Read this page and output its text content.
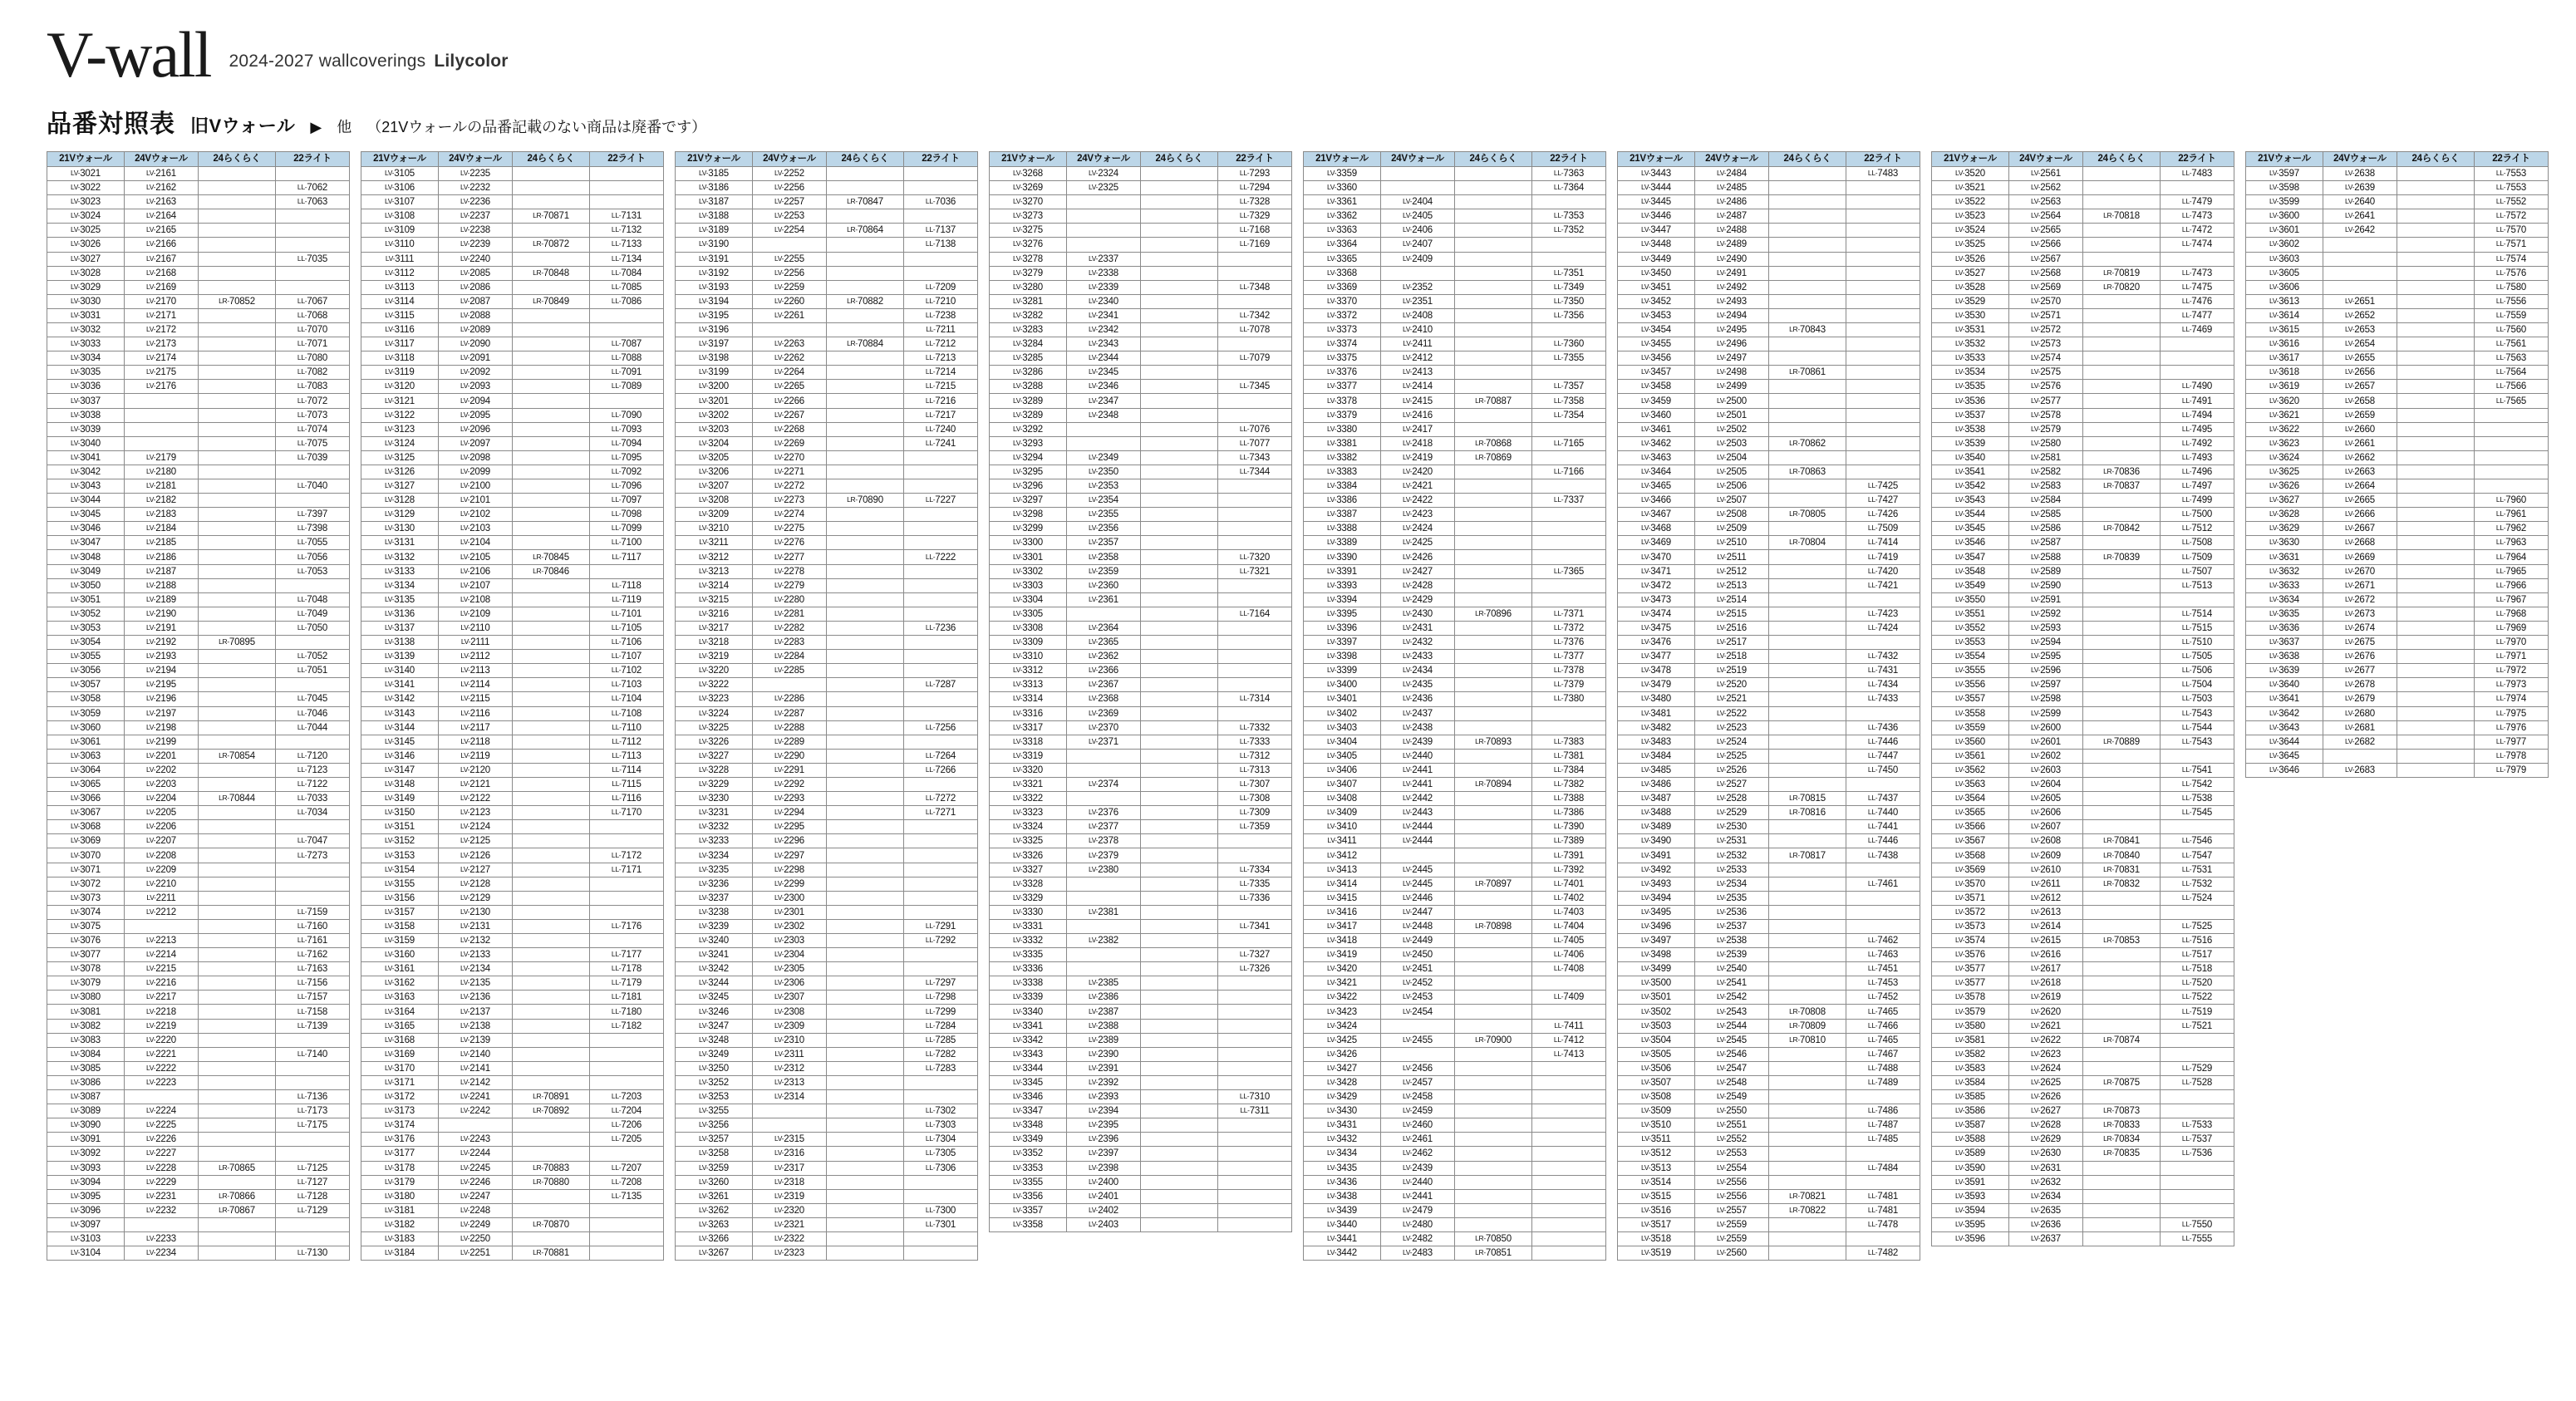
V-wall 2024-2027 wallcoverings Lilycolor
品番対照表 旧Vウォール ▶ 他 （21Vウォールの品番記載のない商品は廃番です）
21Vウォール	24Vウォール	24らくらく	22ライト
LV-3021	LV-2161		
LV-3022	LV-2162		LL-7062
LV-3023	LV-2163		LL-7063
LV-3024	LV-2164		
LV-3025	LV-2165		
LV-3026	LV-2166		
LV-3027	LV-2167		LL-7035
LV-3028	LV-2168		
LV-3029	LV-2169		
LV-3030	LV-2170	LR-70852	LL-7067
LV-3031	LV-2171		LL-7068
LV-3032	LV-2172		LL-7070
LV-3033	LV-2173		LL-7071
LV-3034	LV-2174		LL-7080
LV-3035	LV-2175		LL-7082
LV-3036	LV-2176		LL-7083
LV-3037			LL-7072
LV-3038			LL-7073
LV-3039			LL-7074
LV-3040			LL-7075
LV-3041	LV-2179		LL-7039
LV-3042	LV-2180		
LV-3043	LV-2181		LL-7040
LV-3044	LV-2182		
LV-3045	LV-2183		LL-7397
LV-3046	LV-2184		LL-7398
LV-3047	LV-2185		LL-7055
LV-3048	LV-2186		LL-7056
LV-3049	LV-2187		LL-7053
LV-3050	LV-2188		
LV-3051	LV-2189		LL-7048
LV-3052	LV-2190		LL-7049
LV-3053	LV-2191		LL-7050
LV-3054	LV-2192	LR-70895	
LV-3055	LV-2193		LL-7052
LV-3056	LV-2194		LL-7051
LV-3057	LV-2195		
LV-3058	LV-2196		LL-7045
LV-3059	LV-2197		LL-7046
LV-3060	LV-2198		LL-7044
LV-3061	LV-2199		
LV-3063	LV-2201	LR-70854	LL-7120
LV-3064	LV-2202		LL-7123
LV-3065	LV-2203		LL-7122
LV-3066	LV-2204	LR-70844	LL-7033
LV-3067	LV-2205		LL-7034
LV-3068	LV-2206		
LV-3069	LV-2207		LL-7047
LV-3070	LV-2208		LL-7273
LV-3071	LV-2209		
LV-3072	LV-2210		
LV-3073	LV-2211		
LV-3074	LV-2212		LL-7159
LV-3075			LL-7160
LV-3076	LV-2213		LL-7161
LV-3077	LV-2214		LL-7162
LV-3078	LV-2215		LL-7163
LV-3079	LV-2216		LL-7156
LV-3080	LV-2217		LL-7157
LV-3081	LV-2218		LL-7158
LV-3082	LV-2219		LL-7139
LV-3083	LV-2220		
LV-3084	LV-2221		LL-7140
LV-3085	LV-2222		
LV-3086	LV-2223		
LV-3087			LL-7136
LV-3089	LV-2224		LL-7173
LV-3090	LV-2225		LL-7175
LV-3091	LV-2226		
LV-3092	LV-2227		
LV-3093	LV-2228	LR-70865	LL-7125
LV-3094	LV-2229		LL-7127
LV-3095	LV-2231	LR-70866	LL-7128
LV-3096	LV-2232	LR-70867	LL-7129
LV-3097			
LV-3103	LV-2233		
LV-3104	LV-2234		LL-7130
21Vウォール	24Vウォール	24らくらく	22ライト
LV-3105	LV-2235		
LV-3106	LV-2232		
LV-3107	LV-2236		
LV-3108	LV-2237	LR-70871	LL-7131
LV-3109	LV-2238		LL-7132
LV-3110	LV-2239	LR-70872	LL-7133
LV-3111	LV-2240		LL-7134
LV-3112	LV-2085	LR-70848	LL-7084
LV-3113	LV-2086		LL-7085
LV-3114	LV-2087	LR-70849	LL-7086
LV-3115	LV-2088		
LV-3116	LV-2089		
LV-3117	LV-2090		LL-7087
LV-3118	LV-2091		LL-7088
LV-3119	LV-2092		LL-7091
LV-3120	LV-2093		LL-7089
LV-3121	LV-2094		
LV-3122	LV-2095		LL-7090
LV-3123	LV-2096		LL-7093
LV-3124	LV-2097		LL-7094
LV-3125	LV-2098		LL-7095
LV-3126	LV-2099		LL-7092
LV-3127	LV-2100		LL-7096
LV-3128	LV-2101		LL-7097
LV-3129	LV-2102		LL-7098
LV-3130	LV-2103		LL-7099
LV-3131	LV-2104		LL-7100
LV-3132	LV-2105	LR-70845	LL-7117
LV-3133	LV-2106	LR-70846	
LV-3134	LV-2107		LL-7118
LV-3135	LV-2108		LL-7119
LV-3136	LV-2109		LL-7101
LV-3137	LV-2110		LL-7105
LV-3138	LV-2111		LL-7106
LV-3139	LV-2112		LL-7107
LV-3140	LV-2113		LL-7102
LV-3141	LV-2114		LL-7103
LV-3142	LV-2115		LL-7104
LV-3143	LV-2116		LL-7108
LV-3144	LV-2117		LL-7110
LV-3145	LV-2118		LL-7112
LV-3146	LV-2119		LL-7113
LV-3147	LV-2120		LL-7114
LV-3148	LV-2121		LL-7115
LV-3149	LV-2122		LL-7116
LV-3150	LV-2123		LL-7170
LV-3151	LV-2124		
LV-3152	LV-2125		
LV-3153	LV-2126		LL-7172
LV-3154	LV-2127		LL-7171
LV-3155	LV-2128		
LV-3156	LV-2129		
LV-3157	LV-2130		
LV-3158	LV-2131		LL-7176
LV-3159	LV-2132		
LV-3160	LV-2133		LL-7177
LV-3161	LV-2134		LL-7178
LV-3162	LV-2135		LL-7179
LV-3163	LV-2136		LL-7181
LV-3164	LV-2137		LL-7180
LV-3165	LV-2138		LL-7182
LV-3168	LV-2139		
LV-3169	LV-2140		
LV-3170	LV-2141		
LV-3171	LV-2142		
LV-3172	LV-2241	LR-70891	LL-7203
LV-3173	LV-2242	LR-70892	LL-7204
LV-3174			LL-7206
LV-3176	LV-2243		LL-7205
LV-3177	LV-2244		
LV-3178	LV-2245	LR-70883	LL-7207
LV-3179	LV-2246	LR-70880	LL-7208
LV-3180	LV-2247		LL-7135
LV-3181	LV-2248		
LV-3182	LV-2249	LR-70870	
LV-3183	LV-2250		
LV-3184	LV-2251	LR-70881	
21Vウォール	24Vウォール	24らくらく	22ライト
LV-3185	LV-2252		
LV-3186	LV-2256		
LV-3187	LV-2257	LR-70847	LL-7036
LV-3188	LV-2253		
LV-3189	LV-2254	LR-70864	LL-7137
LV-3190			LL-7138
LV-3191	LV-2255		
LV-3192	LV-2256		
LV-3193	LV-2259		LL-7209
LV-3194	LV-2260	LR-70882	LL-7210
LV-3195	LV-2261		LL-7238
LV-3196			LL-7211
LV-3197	LV-2263	LR-70884	LL-7212
LV-3198	LV-2262		LL-7213
LV-3199	LV-2264		LL-7214
LV-3200	LV-2265		LL-7215
LV-3201	LV-2266		LL-7216
LV-3202	LV-2267		LL-7217
LV-3203	LV-2268		LL-7240
LV-3204	LV-2269		LL-7241
LV-3205	LV-2270		
LV-3206	LV-2271		
LV-3207	LV-2272		
LV-3208	LV-2273	LR-70890	LL-7227
LV-3209	LV-2274		
LV-3210	LV-2275		
LV-3211	LV-2276		
LV-3212	LV-2277		LL-7222
LV-3213	LV-2278		
LV-3214	LV-2279		
LV-3215	LV-2280		
LV-3216	LV-2281		
LV-3217	LV-2282		LL-7236
LV-3218	LV-2283		
LV-3219	LV-2284		
LV-3220	LV-2285		
LV-3222			LL-7287
LV-3223	LV-2286		
LV-3224	LV-2287		
LV-3225	LV-2288		LL-7256
LV-3226	LV-2289		
LV-3227	LV-2290		LL-7264
LV-3228	LV-2291		LL-7266
LV-3229	LV-2292		
LV-3230	LV-2293		LL-7272
LV-3231	LV-2294		LL-7271
LV-3232	LV-2295		
LV-3233	LV-2296		
LV-3234	LV-2297		
LV-3235	LV-2298		
LV-3236	LV-2299		
LV-3237	LV-2300		
LV-3238	LV-2301		
LV-3239	LV-2302		LL-7291
LV-3240	LV-2303		LL-7292
LV-3241	LV-2304		
LV-3242	LV-2305		
LV-3244	LV-2306		LL-7297
LV-3245	LV-2307		LL-7298
LV-3246	LV-2308		LL-7299
LV-3247	LV-2309		LL-7284
LV-3248	LV-2310		LL-7285
LV-3249	LV-2311		LL-7282
LV-3250	LV-2312		LL-7283
LV-3252	LV-2313		
LV-3253	LV-2314		
LV-3255			LL-7302
LV-3256			LL-7303
LV-3257	LV-2315		LL-7304
LV-3258	LV-2316		LL-7305
LV-3259	LV-2317		LL-7306
LV-3260	LV-2318		
LV-3261	LV-2319		
LV-3262	LV-2320		LL-7300
LV-3263	LV-2321		LL-7301
LV-3266	LV-2322		
LV-3267	LV-2323		
21Vウォール	24Vウォール	24らくらく	22ライト
LV-3268	LV-2324		LL-7293
LV-3269	LV-2325		LL-7294
LV-3270			LL-7328
LV-3273			LL-7329
LV-3275			LL-7168
LV-3276			LL-7169
LV-3278	LV-2337		
LV-3279	LV-2338		
LV-3280	LV-2339		LL-7348
LV-3281	LV-2340		
LV-3282	LV-2341		LL-7342
LV-3283	LV-2342		LL-7078
LV-3284	LV-2343		
LV-3285	LV-2344		LL-7079
LV-3286	LV-2345		
LV-3288	LV-2346		LL-7345
LV-3289	LV-2347		
LV-3289	LV-2348		
LV-3292			LL-7076
LV-3293			LL-7077
LV-3294	LV-2349		LL-7343
LV-3295	LV-2350		LL-7344
LV-3296	LV-2353		
LV-3297	LV-2354		
LV-3298	LV-2355		
LV-3299	LV-2356		
LV-3300	LV-2357		
LV-3301	LV-2358		LL-7320
LV-3302	LV-2359		LL-7321
LV-3303	LV-2360		
LV-3304	LV-2361		
LV-3305			LL-7164
LV-3308	LV-2364		
LV-3309	LV-2365		
LV-3310	LV-2362		
LV-3312	LV-2366		
LV-3313	LV-2367		
LV-3314	LV-2368		LL-7314
LV-3316	LV-2369		
LV-3317	LV-2370		LL-7332
LV-3318	LV-2371		LL-7333
LV-3319			LL-7312
LV-3320			LL-7313
LV-3321	LV-2374		LL-7307
LV-3322			LL-7308
LV-3323	LV-2376		LL-7309
LV-3324	LV-2377		LL-7359
LV-3325	LV-2378		
LV-3326	LV-2379		
LV-3327	LV-2380		LL-7334
LV-3328			LL-7335
LV-3329			LL-7336
LV-3330	LV-2381		
LV-3331			LL-7341
LV-3332	LV-2382		
LV-3335			LL-7327
LV-3336			LL-7326
LV-3338	LV-2385		
LV-3339	LV-2386		
LV-3340	LV-2387		
LV-3341	LV-2388		
LV-3342	LV-2389		
LV-3343	LV-2390		
LV-3344	LV-2391		
LV-3345	LV-2392		
LV-3346	LV-2393		LL-7310
LV-3347	LV-2394		LL-7311
LV-3348	LV-2395		
LV-3349	LV-2396		
LV-3352	LV-2397		
LV-3353	LV-2398		
LV-3355	LV-2400		
LV-3356	LV-2401		
LV-3357	LV-2402		
LV-3358	LV-2403		
21Vウォール	24Vウォール	24らくらく	22ライト
LV-3359			LL-7363
LV-3360			LL-7364
LV-3361	LV-2404		
LV-3362	LV-2405		LL-7353
LV-3363	LV-2406		LL-7352
LV-3364	LV-2407		
LV-3365	LV-2409		
LV-3368			LL-7351
LV-3369	LV-2352		LL-7349
LV-3370	LV-2351		LL-7350
LV-3372	LV-2408		LL-7356
LV-3373	LV-2410		
LV-3374	LV-2411		LL-7360
LV-3375	LV-2412		LL-7355
LV-3376	LV-2413		
LV-3377	LV-2414		LL-7357
LV-3378	LV-2415	LR-70887	LL-7358
LV-3379	LV-2416		LL-7354
LV-3380	LV-2417		
LV-3381	LV-2418	LR-70868	LL-7165
LV-3382	LV-2419	LR-70869	
LV-3383	LV-2420		LL-7166
LV-3384	LV-2421		
LV-3386	LV-2422		LL-7337
LV-3387	LV-2423		
LV-3388	LV-2424		
LV-3389	LV-2425		
LV-3390	LV-2426		
LV-3391	LV-2427		LL-7365
LV-3393	LV-2428		
LV-3394	LV-2429		
LV-3395	LV-2430	LR-70896	LL-7371
LV-3396	LV-2431		LL-7372
LV-3397	LV-2432		LL-7376
LV-3398	LV-2433		LL-7377
LV-3399	LV-2434		LL-7378
LV-3400	LV-2435		LL-7379
LV-3401	LV-2436		LL-7380
LV-3402	LV-2437		
LV-3403	LV-2438		
LV-3404	LV-2439	LR-70893	LL-7383
LV-3405	LV-2440		LL-7381
LV-3406	LV-2441		LL-7384
LV-3407	LV-2441	LR-70894	LL-7382
LV-3408	LV-2442		LL-7388
LV-3409	LV-2443		LL-7386
LV-3410	LV-2444		LL-7390
LV-3411	LV-2444		LL-7389
LV-3412			LL-7391
LV-3413	LV-2445		LL-7392
LV-3414	LV-2445	LR-70897	LL-7401
LV-3415	LV-2446		LL-7402
LV-3416	LV-2447		LL-7403
LV-3417	LV-2448	LR-70898	LL-7404
LV-3418	LV-2449		LL-7405
LV-3419	LV-2450		LL-7406
LV-3420	LV-2451		LL-7408
LV-3421	LV-2452		
LV-3422	LV-2453		LL-7409
LV-3423	LV-2454		
LV-3424			LL-7411
LV-3425	LV-2455	LR-70900	LL-7412
LV-3426			LL-7413
LV-3427	LV-2456		
LV-3428	LV-2457		
LV-3429	LV-2458		
LV-3430	LV-2459		
LV-3431	LV-2460		
LV-3432	LV-2461		
LV-3434	LV-2462		
LV-3435	LV-2439		
LV-3436	LV-2440		
LV-3438	LV-2441		
LV-3439	LV-2479		
LV-3440	LV-2480		
LV-3441	LV-2482	LR-70850	
LV-3442	LV-2483	LR-70851	
21Vウォール	24Vウォール	24らくらく	22ライト
LV-3443	LV-2484		LL-7483
LV-3444	LV-2485		
LV-3445	LV-2486		
LV-3446	LV-2487		
LV-3447	LV-2488		
LV-3448	LV-2489		
LV-3449	LV-2490		
LV-3450	LV-2491		
LV-3451	LV-2492		
LV-3452	LV-2493		
LV-3453	LV-2494		
LV-3454	LV-2495	LR-70843	
LV-3455	LV-2496		
LV-3456	LV-2497		
LV-3457	LV-2498	LR-70861	
LV-3458	LV-2499		
LV-3459	LV-2500		
LV-3460	LV-2501		
LV-3461	LV-2502		
LV-3462	LV-2503	LR-70862	
LV-3463	LV-2504		
LV-3464	LV-2505	LR-70863	
LV-3465	LV-2506		LL-7425
LV-3466	LV-2507		LL-7427
LV-3467	LV-2508	LR-70805	LL-7426
LV-3468	LV-2509		LL-7509
LV-3469	LV-2510	LR-70804	LL-7414
LV-3470	LV-2511		LL-7419
LV-3471	LV-2512		LL-7420
LV-3472	LV-2513		LL-7421
LV-3473	LV-2514		
LV-3474	LV-2515		LL-7423
LV-3475	LV-2516		LL-7424
LV-3476	LV-2517		
LV-3477	LV-2518		LL-7432
LV-3478	LV-2519		LL-7431
LV-3479	LV-2520		LL-7434
LV-3480	LV-2521		LL-7433
LV-3481	LV-2522		
LV-3482	LV-2523		LL-7436
LV-3483	LV-2524		LL-7446
LV-3484	LV-2525		LL-7447
LV-3485	LV-2526		LL-7450
LV-3486	LV-2527		
LV-3487	LV-2528	LR-70815	LL-7437
LV-3488	LV-2529	LR-70816	LL-7440
LV-3489	LV-2530		LL-7441
LV-3490	LV-2531		LL-7446
LV-3491	LV-2532	LR-70817	LL-7438
LV-3492	LV-2533		
LV-3493	LV-2534		LL-7461
LV-3494	LV-2535		
LV-3495	LV-2536		
LV-3496	LV-2537		
LV-3497	LV-2538		LL-7462
LV-3498	LV-2539		LL-7463
LV-3499	LV-2540		LL-7451
LV-3500	LV-2541		LL-7453
LV-3501	LV-2542		LL-7452
LV-3502	LV-2543	LR-70808	LL-7465
LV-3503	LV-2544	LR-70809	LL-7466
LV-3504	LV-2545	LR-70810	LL-7465
LV-3505	LV-2546		LL-7467
LV-3506	LV-2547		LL-7488
LV-3507	LV-2548		LL-7489
LV-3508	LV-2549		
LV-3509	LV-2550		LL-7486
LV-3510	LV-2551		LL-7487
LV-3511	LV-2552		LL-7485
LV-3512	LV-2553		
LV-3513	LV-2554		LL-7484
LV-3514	LV-2556		
LV-3515	LV-2556	LR-70821	LL-7481
LV-3516	LV-2557	LR-70822	LL-7481
LV-3517	LV-2559		LL-7478
LV-3518	LV-2559		
LV-3519	LV-2560		LL-7482
21Vウォール	24Vウォール	24らくらく	22ライト
LV-3520	LV-2561		LL-7483
LV-3521	LV-2562		
LV-3522	LV-2563		LL-7479
LV-3523	LV-2564	LR-70818	LL-7473
LV-3524	LV-2565		LL-7472
LV-3525	LV-2566		LL-7474
LV-3526	LV-2567		
LV-3527	LV-2568	LR-70819	LL-7473
LV-3528	LV-2569	LR-70820	LL-7475
LV-3529	LV-2570		LL-7476
LV-3530	LV-2571		LL-7477
LV-3531	LV-2572		LL-7469
LV-3532	LV-2573		
LV-3533	LV-2574		
LV-3534	LV-2575		
LV-3535	LV-2576		LL-7490
LV-3536	LV-2577		LL-7491
LV-3537	LV-2578		LL-7494
LV-3538	LV-2579		LL-7495
LV-3539	LV-2580		LL-7492
LV-3540	LV-2581		LL-7493
LV-3541	LV-2582	LR-70836	LL-7496
LV-3542	LV-2583	LR-70837	LL-7497
LV-3543	LV-2584		LL-7499
LV-3544	LV-2585		LL-7500
LV-3545	LV-2586	LR-70842	LL-7512
LV-3546	LV-2587		LL-7508
LV-3547	LV-2588	LR-70839	LL-7509
LV-3548	LV-2589		LL-7507
LV-3549	LV-2590		LL-7513
LV-3550	LV-2591		
LV-3551	LV-2592		LL-7514
LV-3552	LV-2593		LL-7515
LV-3553	LV-2594		LL-7510
LV-3554	LV-2595		LL-7505
LV-3555	LV-2596		LL-7506
LV-3556	LV-2597		LL-7504
LV-3557	LV-2598		LL-7503
LV-3558	LV-2599		LL-7543
LV-3559	LV-2600		LL-7544
LV-3560	LV-2601	LR-70889	LL-7543
LV-3561	LV-2602		
LV-3562	LV-2603		LL-7541
LV-3563	LV-2604		LL-7542
LV-3564	LV-2605		LL-7538
LV-3565	LV-2606		LL-7545
LV-3566	LV-2607		
LV-3567	LV-2608	LR-70841	LL-7546
LV-3568	LV-2609	LR-70840	LL-7547
LV-3569	LV-2610	LR-70831	LL-7531
LV-3570	LV-2611	LR-70832	LL-7532
LV-3571	LV-2612		LL-7524
LV-3572	LV-2613		
LV-3573	LV-2614		LL-7525
LV-3574	LV-2615	LR-70853	LL-7516
LV-3576	LV-2616		LL-7517
LV-3577	LV-2617		LL-7518
LV-3577	LV-2618		LL-7520
LV-3578	LV-2619		LL-7522
LV-3579	LV-2620		LL-7519
LV-3580	LV-2621		LL-7521
LV-3581	LV-2622	LR-70874	
LV-3582	LV-2623		
LV-3583	LV-2624		LL-7529
LV-3584	LV-2625	LR-70875	LL-7528
LV-3585	LV-2626		
LV-3586	LV-2627	LR-70873	
LV-3587	LV-2628	LR-70833	LL-7533
LV-3588	LV-2629	LR-70834	LL-7537
LV-3589	LV-2630	LR-70835	LL-7536
LV-3590	LV-2631		
LV-3591	LV-2632		
LV-3593	LV-2634		
LV-3594	LV-2635		
LV-3595	LV-2636		LL-7550
LV-3596	LV-2637		LL-7555
21Vウォール	24Vウォール	24らくらく	22ライト
LV-3597	LV-2638		LL-7553
LV-3598	LV-2639		LL-7553
LV-3599	LV-2640		LL-7552
LV-3600	LV-2641		LL-7572
LV-3601	LV-2642		LL-7570
LV-3602			LL-7571
LV-3603			LL-7574
LV-3605			LL-7576
LV-3606			LL-7580
LV-3613	LV-2651		LL-7556
LV-3614	LV-2652		LL-7559
LV-3615	LV-2653		LL-7560
LV-3616	LV-2654		LL-7561
LV-3617	LV-2655		LL-7563
LV-3618	LV-2656		LL-7564
LV-3619	LV-2657		LL-7566
LV-3620	LV-2658		LL-7565
LV-3621	LV-2659		
LV-3622	LV-2660		
LV-3623	LV-2661		
LV-3624	LV-2662		
LV-3625	LV-2663		
LV-3626	LV-2664		
LV-3627	LV-2665		LL-7960
LV-3628	LV-2666		LL-7961
LV-3629	LV-2667		LL-7962
LV-3630	LV-2668		LL-7963
LV-3631	LV-2669		LL-7964
LV-3632	LV-2670		LL-7965
LV-3633	LV-2671		LL-7966
LV-3634	LV-2672		LL-7967
LV-3635	LV-2673		LL-7968
LV-3636	LV-2674		LL-7969
LV-3637	LV-2675		LL-7970
LV-3638	LV-2676		LL-7971
LV-3639	LV-2677		LL-7972
LV-3640	LV-2678		LL-7973
LV-3641	LV-2679		LL-7974
LV-3642	LV-2680		LL-7975
LV-3643	LV-2681		LL-7976
LV-3644	LV-2682		LL-7977
LV-3645			LL-7978
LV-3646	LV-2683		LL-7979
